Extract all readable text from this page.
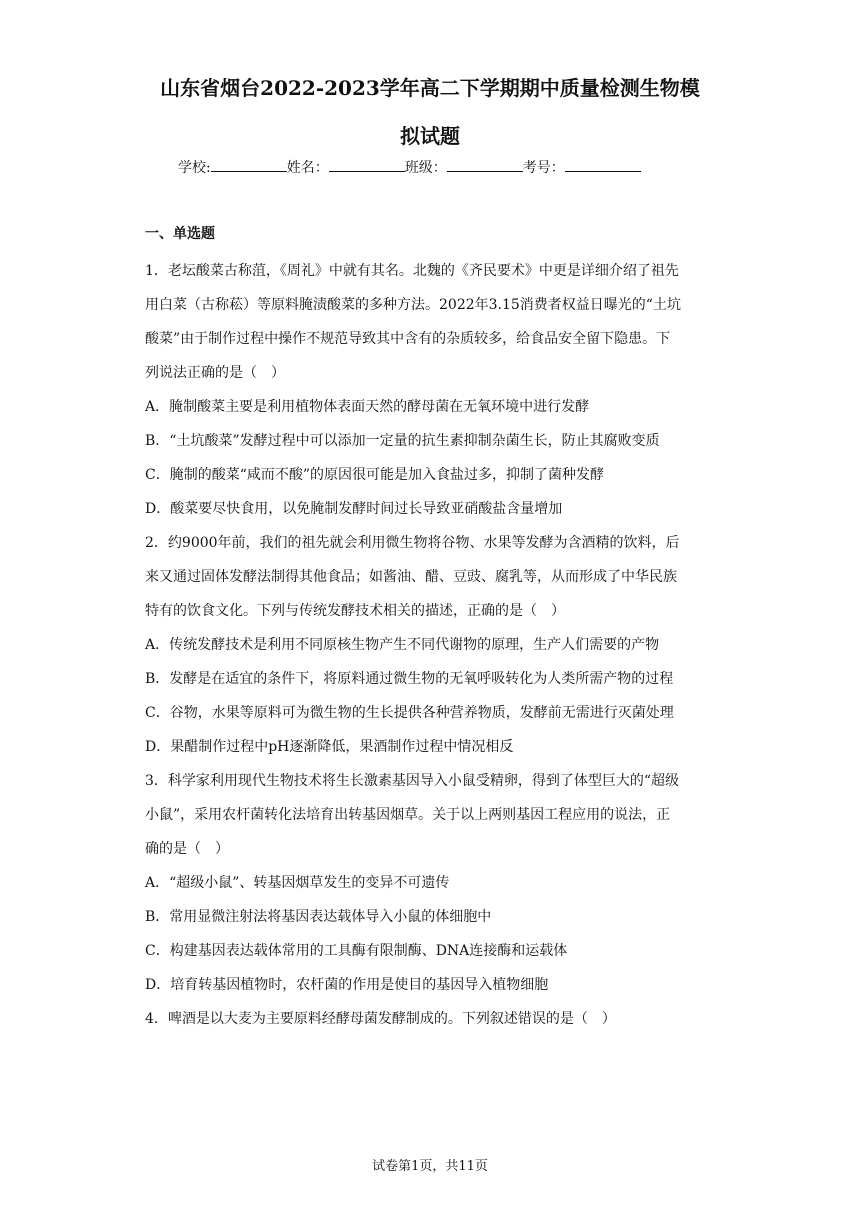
山东省烟台2022-2023学年高二下学期期中质量检测生物模
拟试题
学校:	姓名：	班级：	考号：
一、单选题
1．老坛酸菜古称菹，《周礼》中就有其名。北魏的《齐民要术》中更是详细介绍了祖先
用白菜（古称菘）等原料腌渍酸菜的多种方法。2022年3.15消费者权益日曝光的“土坑
酸菜”由于制作过程中操作不规范导致其中含有的杂质较多，给食品安全留下隐患。下
列说法正确的是（　）
A．腌制酸菜主要是利用植物体表面天然的酵母菌在无氧环境中进行发酵
B．“土坑酸菜”发酵过程中可以添加一定量的抗生素抑制杂菌生长，防止其腐败变质
C．腌制的酸菜“咸而不酸”的原因很可能是加入食盐过多，抑制了菌种发酵
D．酸菜要尽快食用，以免腌制发酵时间过长导致亚硝酸盐含量增加
2．约9000年前，我们的祖先就会利用微生物将谷物、水果等发酵为含酒精的饮料，后
来又通过固体发酵法制得其他食品；如酱油、醋、豆豉、腐乳等，从而形成了中华民族
特有的饮食文化。下列与传统发酵技术相关的描述，正确的是（　）
A．传统发酵技术是利用不同原核生物产生不同代谢物的原理，生产人们需要的产物
B．发酵是在适宜的条件下，将原料通过微生物的无氧呼吸转化为人类所需产物的过程
C．谷物，水果等原料可为微生物的生长提供各种营养物质，发酵前无需进行灭菌处理
D．果醋制作过程中pH逐渐降低，果酒制作过程中情况相反
3．科学家利用现代生物技术将生长激素基因导入小鼠受精卵，得到了体型巨大的“超级
小鼠”，采用农杆菌转化法培育出转基因烟草。关于以上两则基因工程应用的说法，正
确的是（　）
A．“超级小鼠”、转基因烟草发生的变异不可遗传
B．常用显微注射法将基因表达载体导入小鼠的体细胞中
C．构建基因表达载体常用的工具酶有限制酶、DNA连接酶和运载体
D．培育转基因植物时，农杆菌的作用是使目的基因导入植物细胞
4．啤酒是以大麦为主要原料经酵母菌发酵制成的。下列叙述错误的是（　）
试卷第1页，共11页
